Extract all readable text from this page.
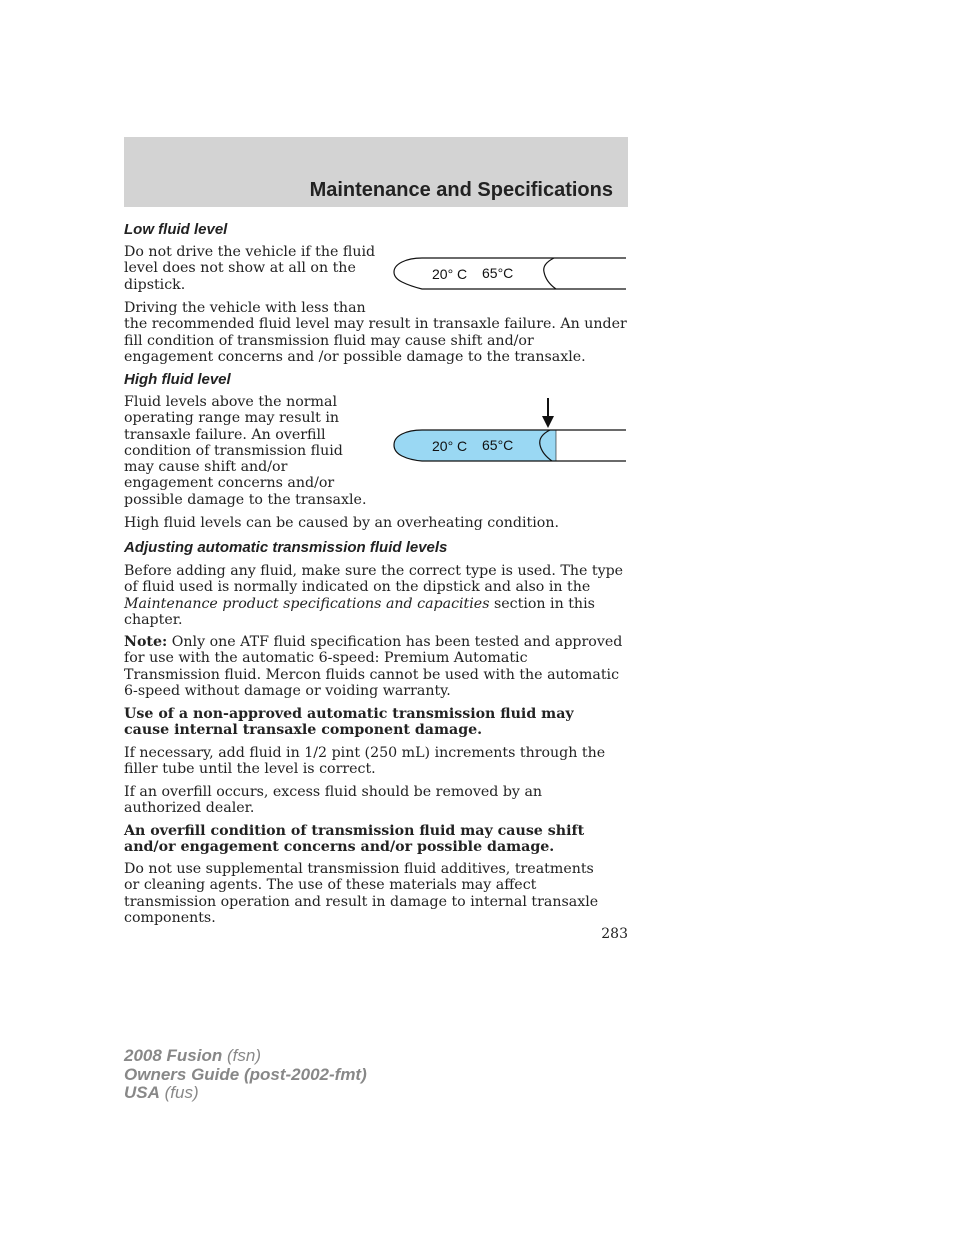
Maintenance and Specifications
Low fluid level
Do not drive the vehicle if the fluid level does not show at all on the dipstick.
Driving the vehicle with less than
the recommended fluid level may result in transaxle failure. An under fill condition of transmission fluid may cause shift and/or engagement concerns and /or possible damage to the transaxle.
20° C 65°C
High fluid level
Fluid levels above the normal operating range may result in transaxle failure. An overfill condition of transmission fluid may cause shift and/or engagement concerns and/or possible damage to the transaxle.
20° C 65°C
High fluid levels can be caused by an overheating condition.
Adjusting automatic transmission fluid levels
Before adding any fluid, make sure the correct type is used. The type of fluid used is normally indicated on the dipstick and also in the Maintenance product specifications and capacities section in this chapter.
Note: Only one ATF fluid specification has been tested and approved for use with the automatic 6-speed: Premium Automatic Transmission fluid. Mercon fluids cannot be used with the automatic 6-speed without damage or voiding warranty.
Use of a non-approved automatic transmission fluid may cause internal transaxle component damage.
If necessary, add fluid in 1/2 pint (250 mL) increments through the filler tube until the level is correct.
If an overfill occurs, excess fluid should be removed by an authorized dealer.
An overfill condition of transmission fluid may cause shift and/or engagement concerns and/or possible damage.
Do not use supplemental transmission fluid additives, treatments or cleaning agents. The use of these materials may affect transmission operation and result in damage to internal transaxle components.
283
2008 Fusion (fsn)
Owners Guide (post-2002-fmt)
USA (fus)
